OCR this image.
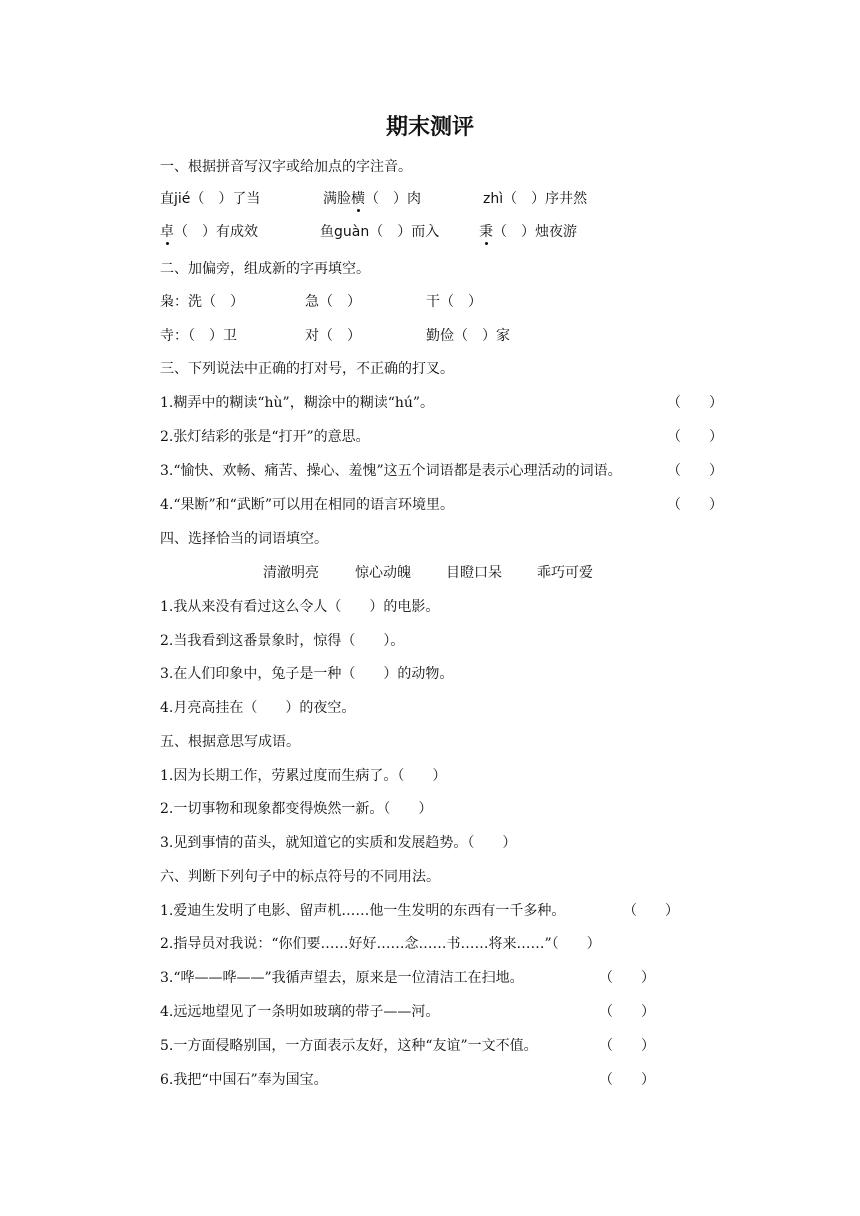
期末测评
一、根据拼音写汉字或给加点的字注音。
直jié（　）了当	满脸横（　）肉	zhì（　）序井然
卓（　）有成效	鱼guàn（　）而入	秉（　）烛夜游
二、加偏旁，组成新的字再填空。
枭：洗（　）	急（　）	干（　）
寺：（　）卫	对（　）	勤俭（　）家
三、下列说法中正确的打对号，不正确的打叉。
1.糊弄中的糊读“hù”，糊涂中的糊读“hú”。	（　　）
2.张灯结彩的张是“打开”的意思。	（　　）
3.“愉快、欢畅、痛苦、操心、羞愧”这五个词语都是表示心理活动的词语。	（　　）
4.“果断”和“武断”可以用在相同的语言环境里。	（　　）
四、选择恰当的词语填空。
清澈明亮	惊心动魄	目瞪口呆	乖巧可爱
1.我从来没有看过这么令人（　　）的电影。
2.当我看到这番景象时，惊得（　　）。
3.在人们印象中，兔子是一种（　　）的动物。
4.月亮高挂在（　　）的夜空。
五、根据意思写成语。
1.因为长期工作，劳累过度而生病了。（　　）
2.一切事物和现象都变得焕然一新。（　　）
3.见到事情的苗头，就知道它的实质和发展趋势。（　　）
六、判断下列句子中的标点符号的不同用法。
1.爱迪生发明了电影、留声机……他一生发明的东西有一千多种。	（　　）
2.指导员对我说：“你们要……好好……念……书……将来……”（　　）
3.“哗——哗——”我循声望去，原来是一位清洁工在扫地。	（　　）
4.远远地望见了一条明如玻璃的带子——河。	（　　）
5.一方面侵略别国，一方面表示友好，这种“友谊”一文不值。	（　　）
6.我把“中国石”奉为国宝。	（　　）
